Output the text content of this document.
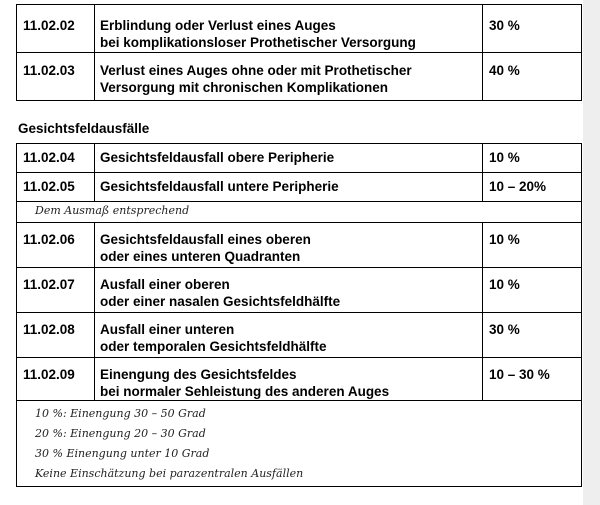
11.02.02	Erblindung oder Verlust eines Auges
bei komplikationsloser Prothetischer Versorgung	30 %
11.02.03	Verlust eines Auges ohne oder mit Prothetischer
Versorgung mit chronischen Komplikationen	40 %
Gesichtsfeldausfälle
11.02.04	Gesichtsfeldausfall obere Peripherie	10 %
11.02.05	Gesichtsfeldausfall untere Peripherie	10 – 20%
Dem Ausmaß entsprechend		
11.02.06	Gesichtsfeldausfall eines oberen
oder eines unteren Quadranten	10 %
11.02.07	Ausfall einer oberen
oder einer nasalen Gesichtsfeldhälfte	10 %
11.02.08	Ausfall einer unteren
oder temporalen Gesichtsfeldhälfte	30 %
11.02.09	Einengung des Gesichtsfeldes
bei normaler Sehleistung des anderen Auges	10 – 30 %

10 %: Einengung 30 – 50 Grad
20 %: Einengung 20 – 30 Grad
30 % Einengung unter 10 Grad
Keine Einschätzung bei parazentralen Ausfällen		
